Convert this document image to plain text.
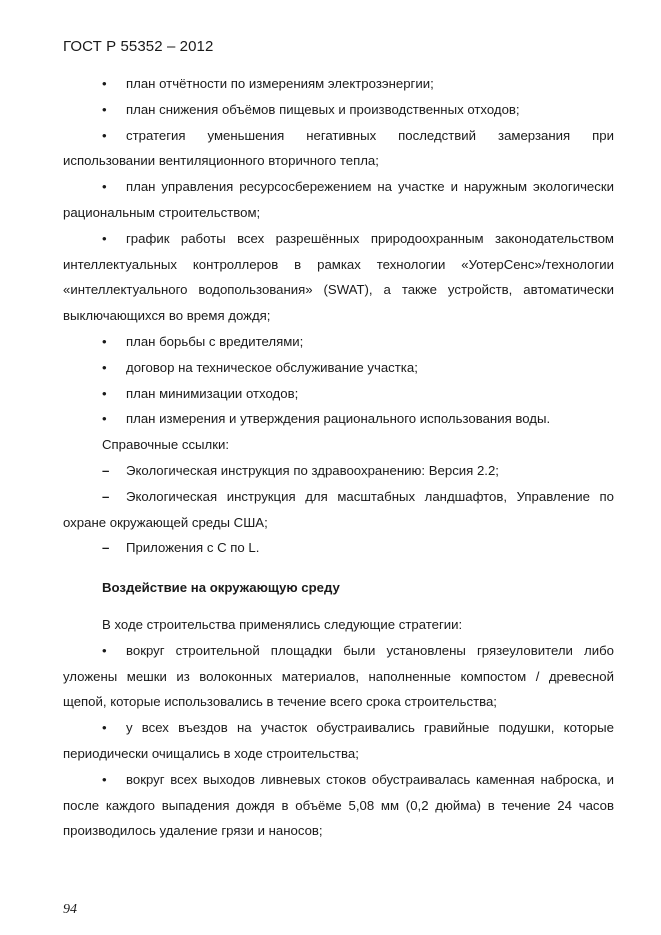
ГОСТ Р 55352 – 2012

• план отчётности по измерениям электрозэнергии;

• план снижения объёмов пищевых и производственных отходов;

• стратегия уменьшения негативных последствий замерзания при использовании вентиляционного вторичного тепла;

• план управления ресурсосбережением на участке и наружным экологически рациональным строительством;

• график работы всех разрешённых природоохранным законодательством интеллектуальных контроллеров в рамках технологии «УотерСенс»/технологии «интеллектуального водопользования» (SWAT), а также устройств, автоматически выключающихся во время дождя;

• план борьбы с вредителями;

• договор на техническое обслуживание участка;

• план минимизации отходов;

• план измерения и утверждения рационального использования воды.

Справочные ссылки:

– Экологическая инструкция по здравоохранению: Версия 2.2;

– Экологическая инструкция для масштабных ландшафтов, Управление по охране окружающей среды США;

– Приложения с C по L.

Воздействие на окружающую среду

В ходе строительства применялись следующие стратегии:

• вокруг строительной площадки были установлены грязеуловители либо уложены мешки из волоконных материалов, наполненные компостом / древесной щепой, которые использовались в течение всего срока строительства;

• у всех въездов на участок обустраивались гравийные подушки, которые периодически очищались в ходе строительства;

• вокруг всех выходов ливневых стоков обустраивалась каменная наброска, и после каждого выпадения дождя в объёме 5,08 мм (0,2 дюйма) в течение 24 часов производилось удаление грязи и наносов;

94
